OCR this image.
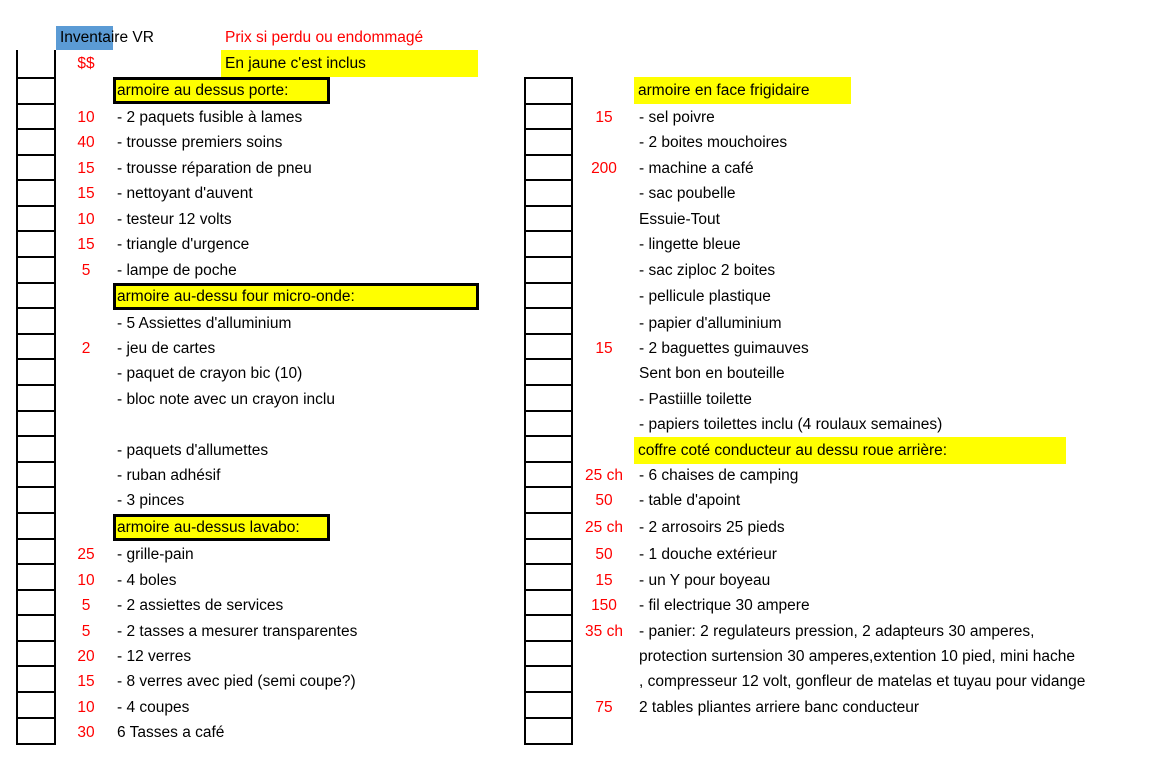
Inventaire VR	Prix si perdu ou endommagé
$$	En jaune c'est inclus
armoire au dessus porte:
10	- 2 paquets fusible à lames
40	- trousse premiers soins
15	- trousse réparation de pneu
15	- nettoyant d'auvent
10	- testeur 12 volts
15	- triangle d'urgence
5	- lampe de poche
armoire au-dessu four micro-onde:
- 5 Assiettes d'alluminium
2	- jeu de cartes
- paquet de crayon bic (10)
- bloc note avec un crayon inclu
- paquets d'allumettes
- ruban adhésif
- 3 pinces
armoire au-dessus lavabo:
25	- grille-pain
10	- 4 boles
5	- 2 assiettes de services
5	- 2 tasses a mesurer transparentes
20	- 12 verres
15	- 8 verres avec pied (semi coupe?)
10	- 4 coupes
30	6 Tasses a café
armoire en face frigidaire
15	- sel poivre
- 2 boites mouchoires
200	- machine a café
- sac poubelle
Essuie-Tout
- lingette bleue
- sac ziploc 2 boites
- pellicule plastique
- papier d'alluminium
15	- 2 baguettes guimauves
Sent bon en bouteille
- Pastiille toilette
- papiers toilettes inclu (4 roulaux semaines)
coffre coté conducteur au dessu roue arrière:
25 ch - 6 chaises de camping
50	- table d'apoint
25 ch - 2 arrosoirs 25 pieds
50	- 1 douche extérieur
15	- un Y pour boyeau
150	- fil electrique 30 ampere
35 ch - panier: 2 regulateurs pression, 2 adapteurs 30 amperes,
protection surtension 30 amperes,extention 10 pied, mini hache
, compresseur 12 volt, gonfleur de matelas et tuyau pour vidange
75	2 tables pliantes arriere banc conducteur
